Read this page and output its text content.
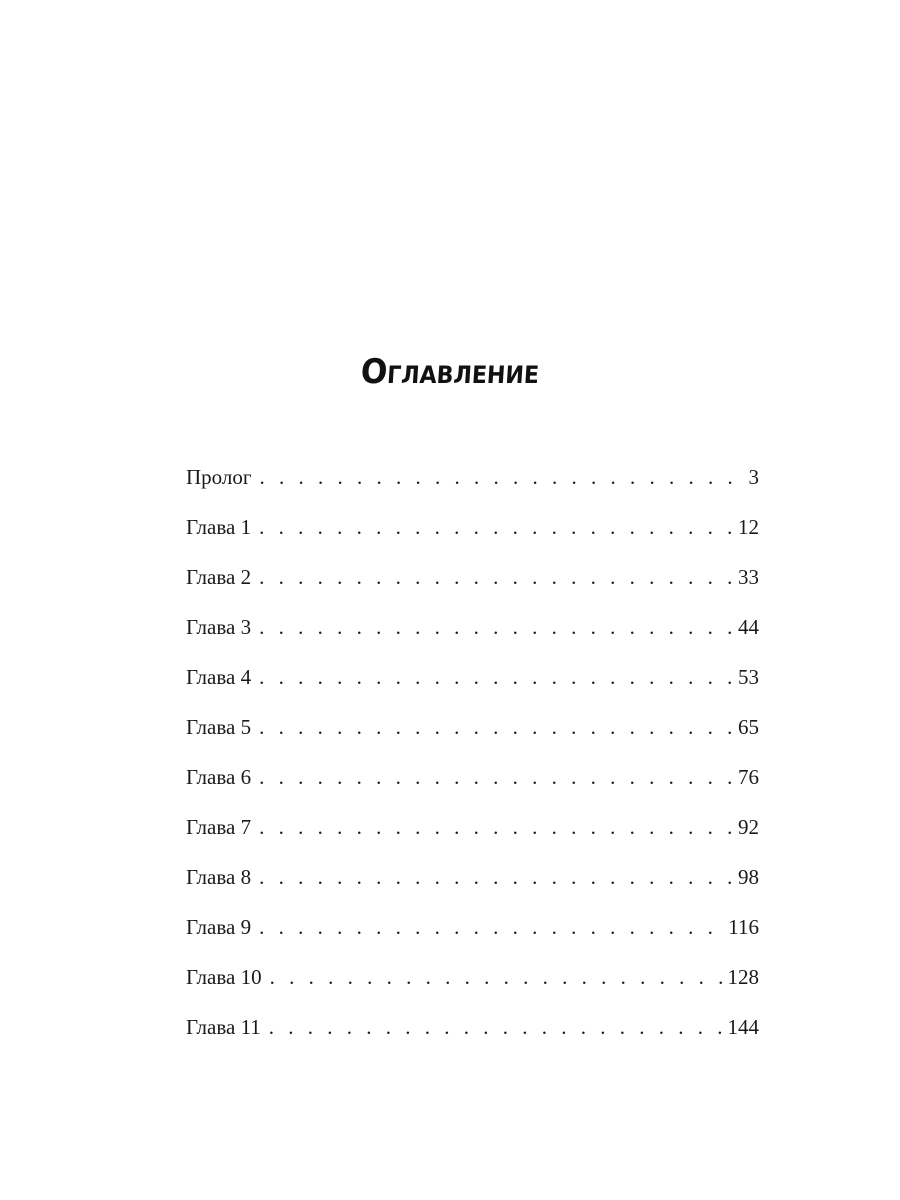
Оглавление
Пролог . . .	3
Глава 1 . . .	12
Глава 2 . . .	33
Глава 3 . . .	44
Глава 4 . . .	53
Глава 5 . . .	65
Глава 6 . . .	76
Глава 7 . . .	92
Глава 8 . . .	98
Глава 9 . . .	116
Глава 10 . . .	128
Глава 11 . . .	144
